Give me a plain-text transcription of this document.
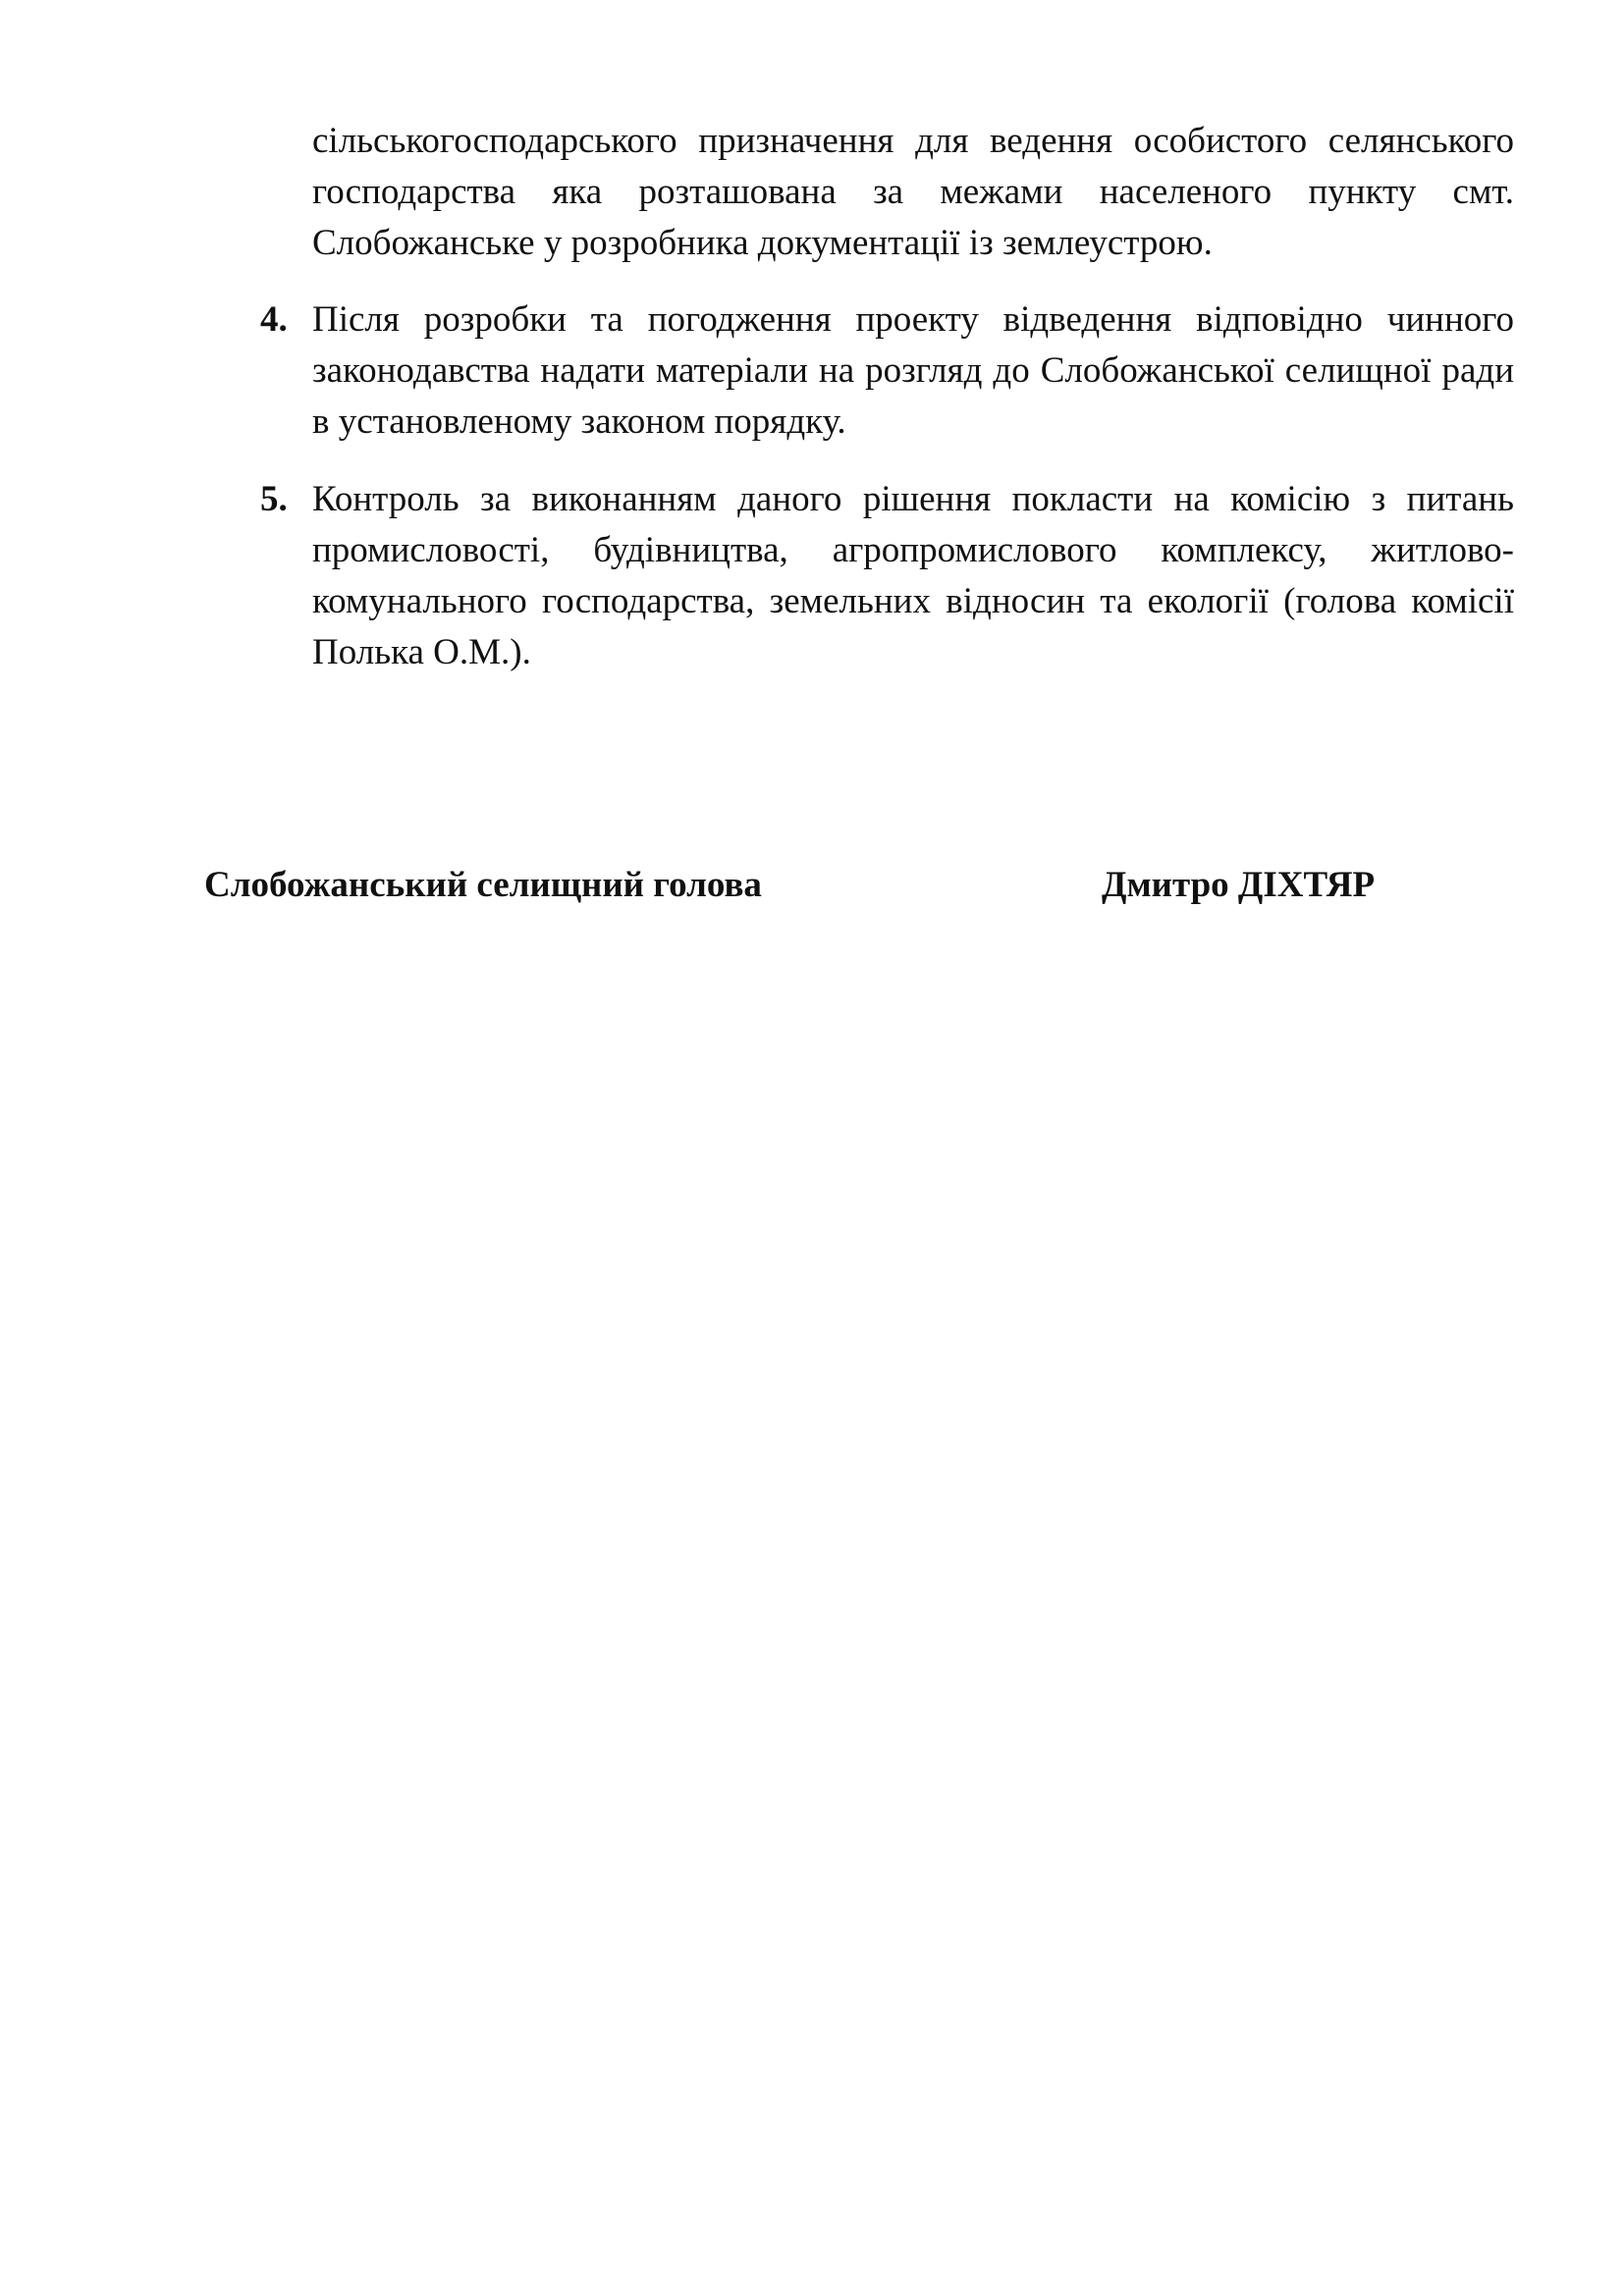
сільськогосподарського призначення для ведення особистого селянського господарства яка розташована за межами населеного пункту смт. Слобожанське у розробника документації із землеустрою.
4. Після розробки та погодження проекту відведення відповідно чинного законодавства надати матеріали на розгляд до Слобожанської селищної ради в установленому законом порядку.
5. Контроль за виконанням даного рішення покласти на комісію з питань промисловості, будівництва, агропромислового комплексу, житлово-комунального господарства, земельних відносин та екології (голова комісії Полька О.М.).
Слобожанський селищний голова	Дмитро ДІХТЯР
